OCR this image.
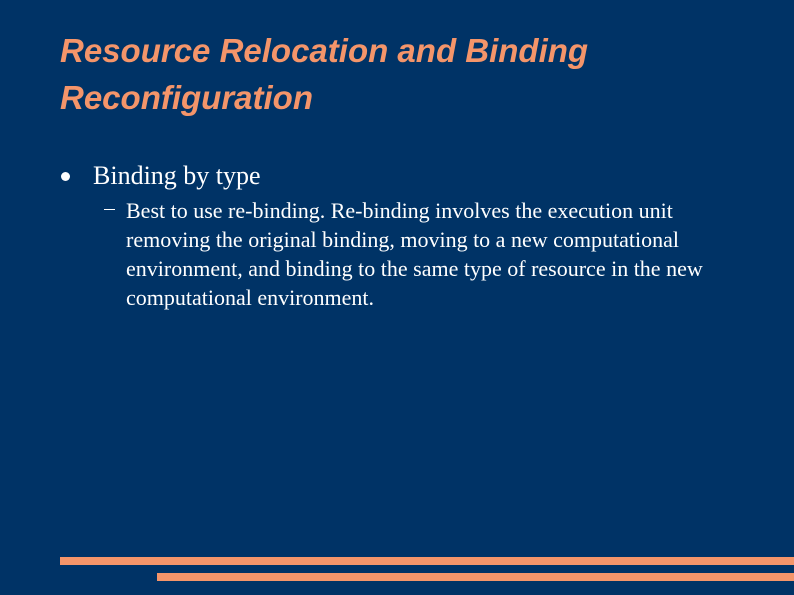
Resource Relocation and Binding Reconfiguration
Binding by type
Best to use re-binding. Re-binding involves the execution unit removing the original binding, moving to a new computational environment, and binding to the same type of resource in the new computational environment.
